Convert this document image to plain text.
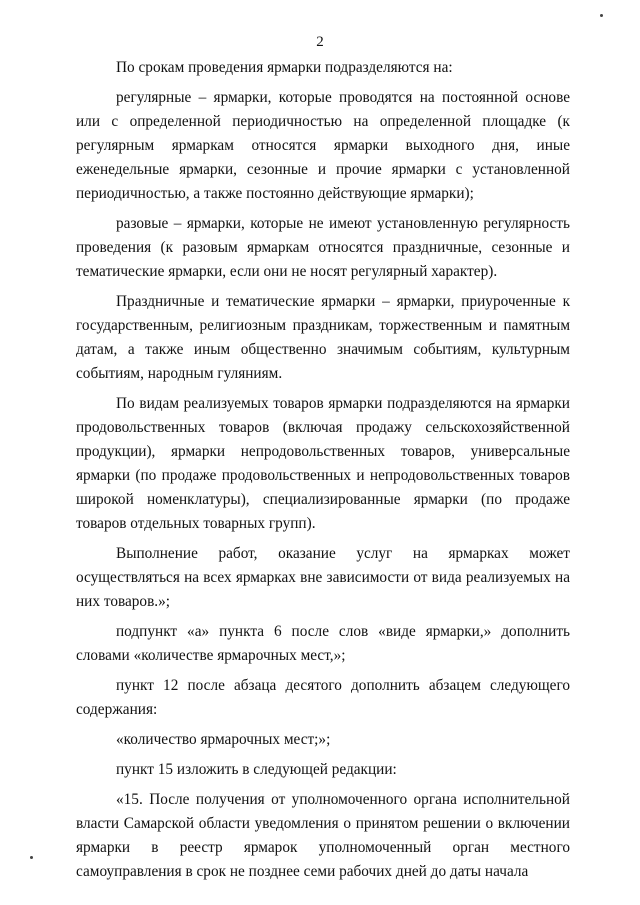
2

По срокам проведения ярмарки подразделяются на:

регулярные – ярмарки, которые проводятся на постоянной основе или с определенной периодичностью на определенной площадке (к регулярным ярмаркам относятся ярмарки выходного дня, иные еженедельные ярмарки, сезонные и прочие ярмарки с установленной периодичностью, а также постоянно действующие ярмарки);

разовые – ярмарки, которые не имеют установленную регулярность проведения (к разовым ярмаркам относятся праздничные, сезонные и тематические ярмарки, если они не носят регулярный характер).

Праздничные и тематические ярмарки – ярмарки, приуроченные к государственным, религиозным праздникам, торжественным и памятным датам, а также иным общественно значимым событиям, культурным событиям, народным гуляниям.

По видам реализуемых товаров ярмарки подразделяются на ярмарки продовольственных товаров (включая продажу сельскохозяйственной продукции), ярмарки непродовольственных товаров, универсальные ярмарки (по продаже продовольственных и непродовольственных товаров широкой номенклатуры), специализированные ярмарки (по продаже товаров отдельных товарных групп).

Выполнение работ, оказание услуг на ярмарках может осуществляться на всех ярмарках вне зависимости от вида реализуемых на них товаров.»;

подпункт «а» пункта 6 после слов «виде ярмарки,» дополнить словами «количестве ярмарочных мест,»;

пункт 12 после абзаца десятого дополнить абзацем следующего содержания:

«количество ярмарочных мест;»;

пункт 15 изложить в следующей редакции:

«15. После получения от уполномоченного органа исполнительной власти Самарской области уведомления о принятом решении о включении ярмарки в реестр ярмарок уполномоченный орган местного самоуправления в срок не позднее семи рабочих дней до даты начала
